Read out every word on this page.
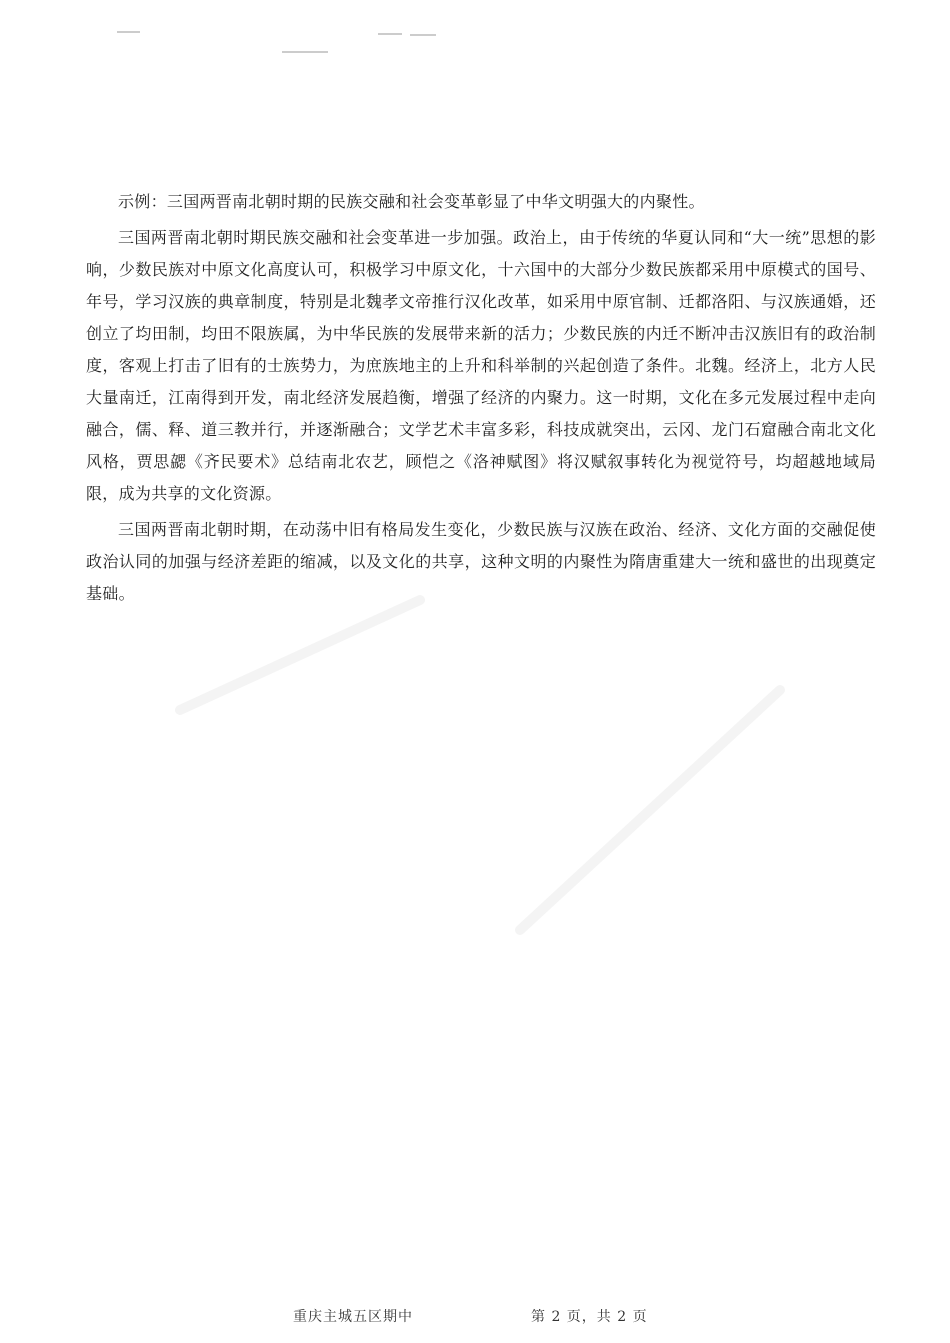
示例：三国两晋南北朝时期的民族交融和社会变革彰显了中华文明强大的内聚性。

三国两晋南北朝时期民族交融和社会变革进一步加强。政治上，由于传统的华夏认同和“大一统”思想的影响，少数民族对中原文化高度认可，积极学习中原文化，十六国中的大部分少数民族都采用中原模式的国号、年号，学习汉族的典章制度，特别是北魏孝文帝推行汉化改革，如采用中原官制、迁都洛阳、与汉族通婚，还创立了均田制，均田不限族属，为中华民族的发展带来新的活力；少数民族的内迁不断冲击汉族旧有的政治制度，客观上打击了旧有的士族势力，为庶族地主的上升和科举制的兴起创造了条件。北魏。经济上，北方人民大量南迁，江南得到开发，南北经济发展趋衡，增强了经济的内聚力。这一时期，文化在多元发展过程中走向融合，儒、释、道三教并行，并逐渐融合；文学艺术丰富多彩，科技成就突出，云冈、龙门石窟融合南北文化风格，贾思勰《齐民要术》总结南北农艺，顾恺之《洛神赋图》将汉赋叙事转化为视觉符号，均超越地域局限，成为共享的文化资源。

三国两晋南北朝时期，在动荡中旧有格局发生变化，少数民族与汉族在政治、经济、文化方面的交融促使政治认同的加强与经济差距的缩减，以及文化的共享，这种文明的内聚性为隋唐重建大一统和盛世的出现奠定基础。

重庆主城五区期中	第 2 页，共 2 页
